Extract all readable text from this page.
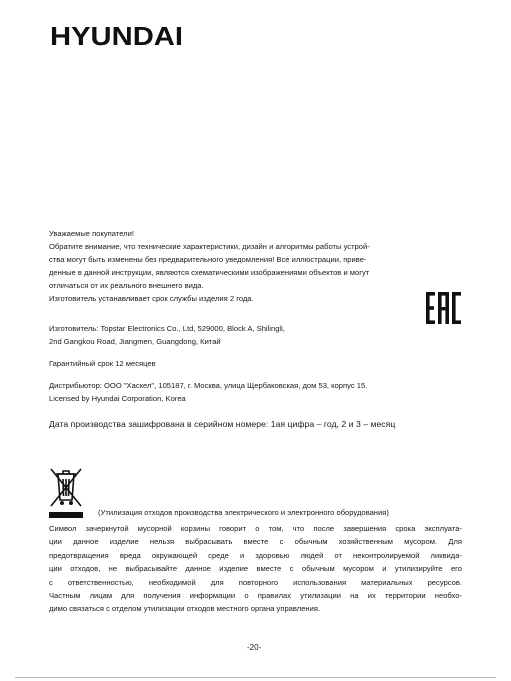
HYUNDAI
Уважаемые покупатели!
Обратите внимание, что технические характеристики, дизайн и алгоритмы работы устрой-
ства могут быть изменены без предварительного уведомления! Все иллюстрации, приве-
денные в данной инструкции, являются схематическими изображениями объектов и могут
отличаться от их реального внешнего вида.
Изготовитель устанавливает срок службы изделия 2 года.
Изготовитель: Topstar Electronics Co., Ltd, 529000, Block A, Shilingli,
2nd Gangkou Road, Jiangmen, Guangdong, Китай
Гарантийный срок 12 месяцев
Дистрибьютор: ООО "Хаскел", 105187, г. Москва, улица Щербаковская, дом 53, корпус 15.
Licensed by Hyundai Corporation, Korea
Дата производства зашифрована в серийном номере: 1ая цифра – год, 2 и 3 – месяц
(Утилизация отходов производства электрического и электронного оборудования)
Символ зачеркнутой мусорной корзины говорит о том, что после завершения срока эксплуата-
ции данное изделие нельзя выбрасывать вместе с обычным хозяйственным мусором. Для
предотвращения вреда окружающей среде и здоровью людей от неконтролируемой ликвида-
ции отходов, не выбрасывайте данное изделие вместе с обычным мусором и утилизируйте его
с ответственностью, необходимой для повторного использования материальных ресурсов.
Частным лицам для получения информации о правилах утилизации на их территории необхо-
димо связаться с отделом утилизации отходов местного органа управления.
-20-
